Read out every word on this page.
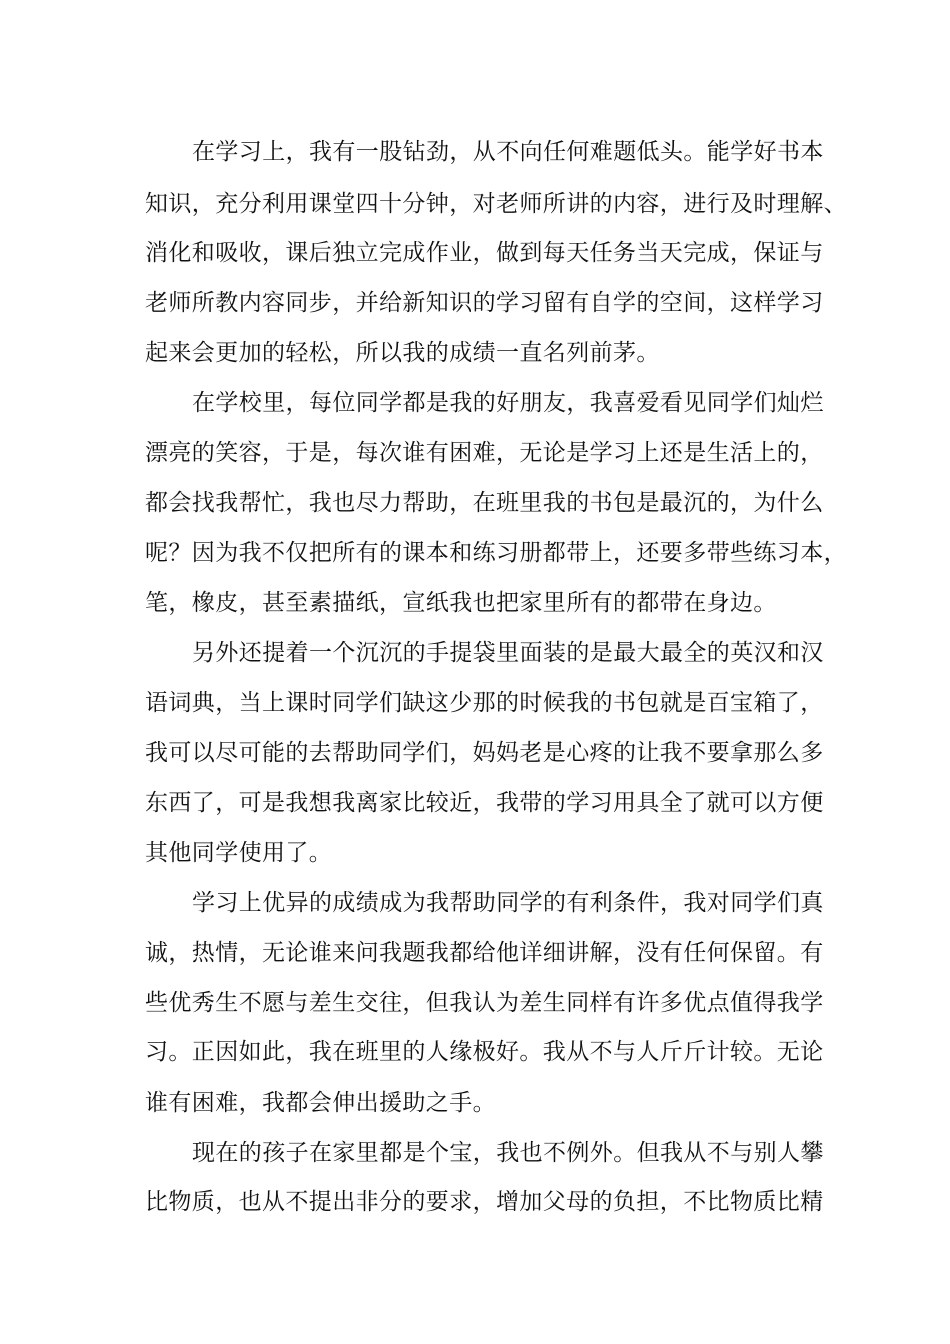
在学习上，我有一股钻劲，从不向任何难题低头。能学好书本

知识，充分利用课堂四十分钟，对老师所讲的内容，进行及时理解、

消化和吸收，课后独立完成作业，做到每天任务当天完成，保证与

老师所教内容同步，并给新知识的学习留有自学的空间，这样学习

起来会更加的轻松，所以我的成绩一直名列前茅。

在学校里，每位同学都是我的好朋友，我喜爱看见同学们灿烂

漂亮的笑容，于是，每次谁有困难，无论是学习上还是生活上的，

都会找我帮忙，我也尽力帮助，在班里我的书包是最沉的，为什么

呢？因为我不仅把所有的课本和练习册都带上，还要多带些练习本，

笔，橡皮，甚至素描纸，宣纸我也把家里所有的都带在身边。

另外还提着一个沉沉的手提袋里面装的是最大最全的英汉和汉

语词典，当上课时同学们缺这少那的时候我的书包就是百宝箱了，

我可以尽可能的去帮助同学们，妈妈老是心疼的让我不要拿那么多

东西了，可是我想我离家比较近，我带的学习用具全了就可以方便

其他同学使用了。

学习上优异的成绩成为我帮助同学的有利条件，我对同学们真

诚，热情，无论谁来问我题我都给他详细讲解，没有任何保留。有

些优秀生不愿与差生交往，但我认为差生同样有许多优点值得我学

习。正因如此，我在班里的人缘极好。我从不与人斤斤计较。无论

谁有困难，我都会伸出援助之手。

现在的孩子在家里都是个宝，我也不例外。但我从不与别人攀

比物质，也从不提出非分的要求，增加父母的负担，不比物质比精
